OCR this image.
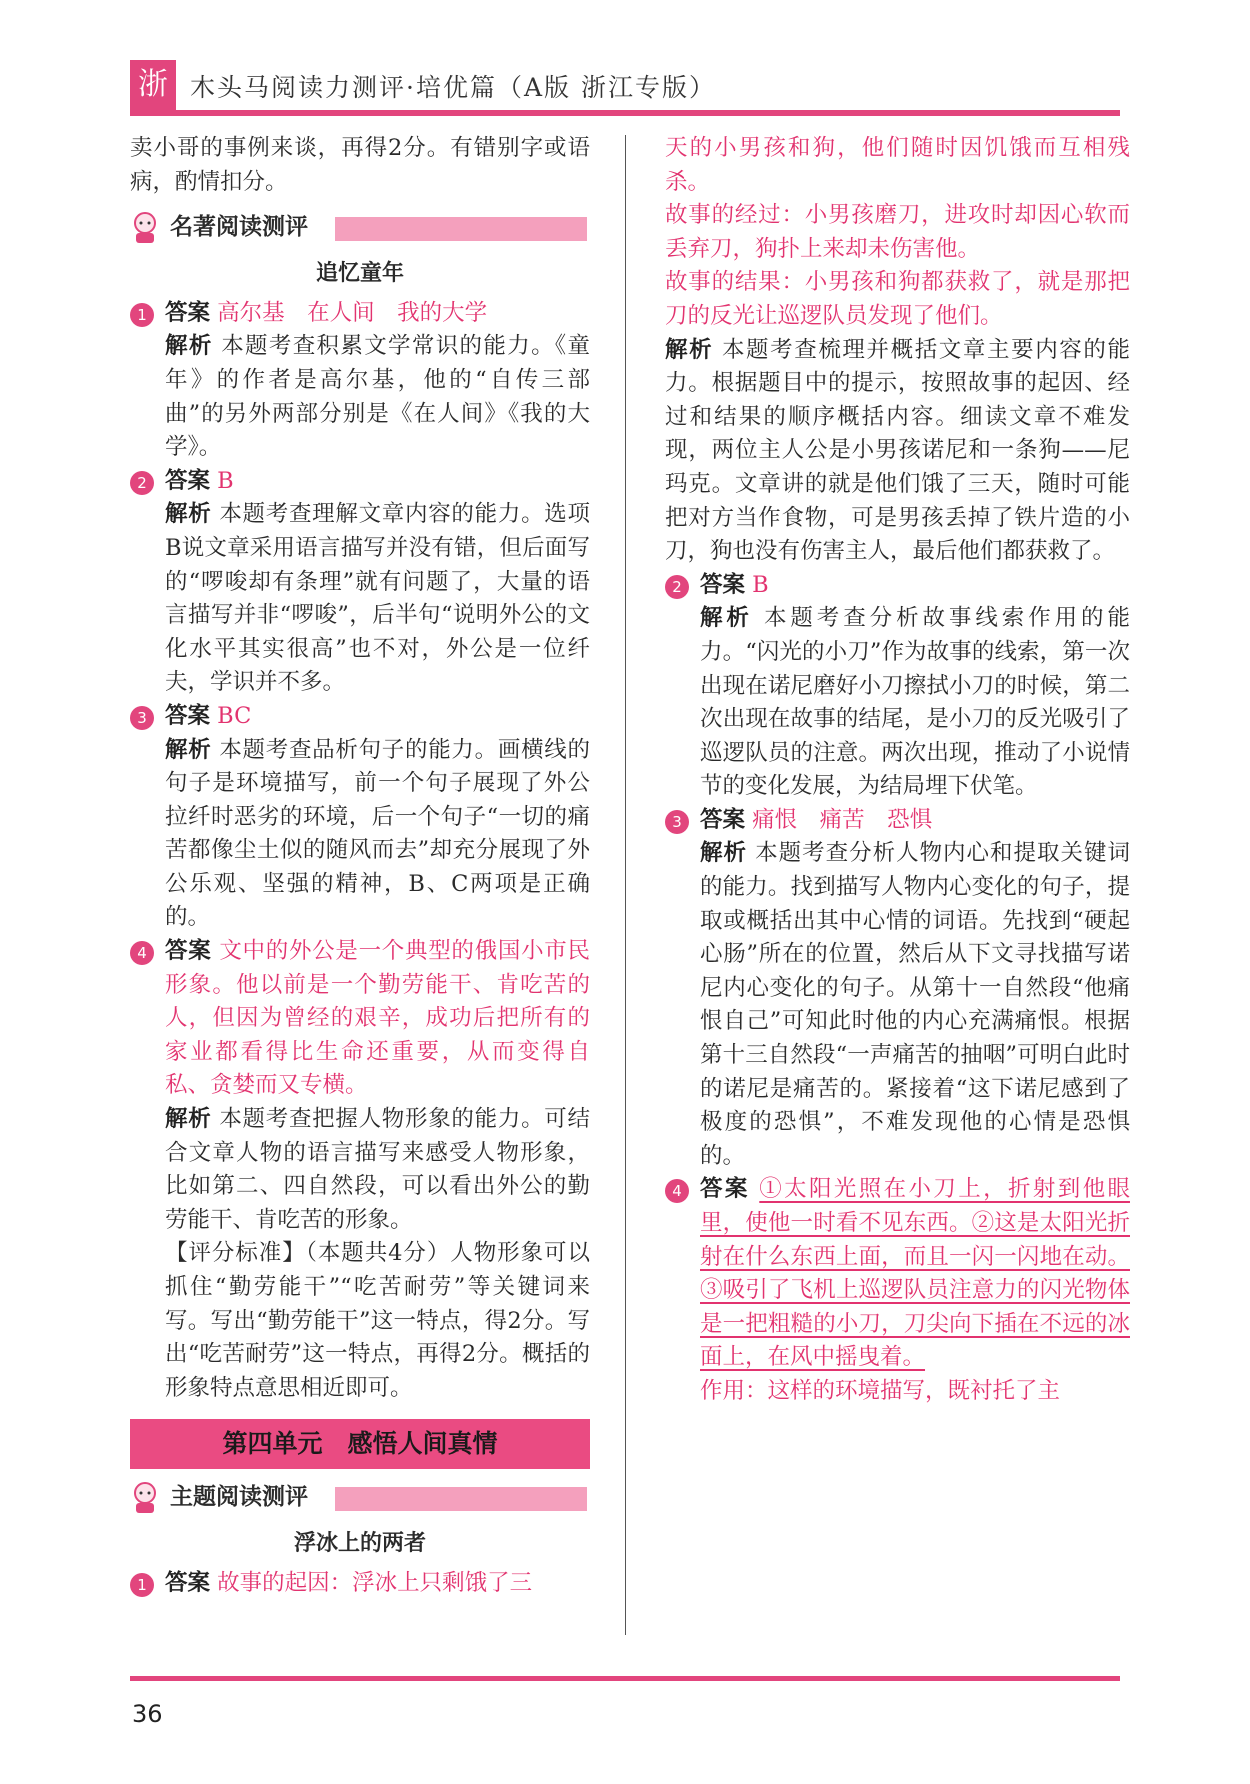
浙 木头马阅读力测评·培优篇（A版 浙江专版）
卖小哥的事例来谈，再得2分。有错别字或语病，酌情扣分。
名著阅读测评
追忆童年
1 答案 高尔基　在人间　我的大学
解析 本题考查积累文学常识的能力。《童年》的作者是高尔基，他的“自传三部曲”的另外两部分别是《在人间》《我的大学》。
2 答案 B
解析 本题考查理解文章内容的能力。选项B说文章采用语言描写并没有错，但后面写的“啰唆却有条理”就有问题了，大量的语言描写并非“啰唆”，后半句“说明外公的文化水平其实很高”也不对，外公是一位纤夫，学识并不多。
3 答案 BC
解析 本题考查品析句子的能力。画横线的句子是环境描写，前一个句子展现了外公拉纤时恶劣的环境，后一个句子“一切的痛苦都像尘土似的随风而去”却充分展现了外公乐观、坚强的精神，B、C两项是正确的。
4 答案 文中的外公是一个典型的俄国小市民形象。他以前是一个勤劳能干、肯吃苦的人，但因为曾经的艰辛，成功后把所有的家业都看得比生命还重要，从而变得自私、贪婪而又专横。
解析 本题考查把握人物形象的能力。可结合文章人物的语言描写来感受人物形象，比如第二、四自然段，可以看出外公的勤劳能干、肯吃苦的形象。
【评分标准】（本题共4分）人物形象可以抓住“勤劳能干”“吃苦耐劳”等关键词来写。写出“勤劳能干”这一特点，得2分。写出“吃苦耐劳”这一特点，再得2分。概括的形象特点意思相近即可。
第四单元　感悟人间真情
主题阅读测评
浮冰上的两者
1 答案 故事的起因：浮冰上只剩饿了三
天的小男孩和狗，他们随时因饥饿而互相残杀。
故事的经过：小男孩磨刀，进攻时却因心软而丢弃刀，狗扑上来却未伤害他。
故事的结果：小男孩和狗都获救了，就是那把刀的反光让巡逻队员发现了他们。
解析 本题考查梳理并概括文章主要内容的能力。根据题目中的提示，按照故事的起因、经过和结果的顺序概括内容。细读文章不难发现，两位主人公是小男孩诺尼和一条狗——尼玛克。文章讲的就是他们饿了三天，随时可能把对方当作食物，可是男孩丢掉了铁片造的小刀，狗也没有伤害主人，最后他们都获救了。
2 答案 B
解析 本题考查分析故事线索作用的能力。“闪光的小刀”作为故事的线索，第一次出现在诺尼磨好小刀擦拭小刀的时候，第二次出现在故事的结尾，是小刀的反光吸引了巡逻队员的注意。两次出现，推动了小说情节的变化发展，为结局埋下伏笔。
3 答案 痛恨　痛苦　恐惧
解析 本题考查分析人物内心和提取关键词的能力。找到描写人物内心变化的句子，提取或概括出其中心情的词语。先找到“硬起心肠”所在的位置，然后从下文寻找描写诺尼内心变化的句子。从第十一自然段“他痛恨自己”可知此时他的内心充满痛恨。根据第十三自然段“一声痛苦的抽咽”可明白此时的诺尼是痛苦的。紧接着“这下诺尼感到了极度的恐惧”，不难发现他的心情是恐惧的。
4 答案 ①太阳光照在小刀上，折射到他眼里，使他一时看不见东西。②这是太阳光折射在什么东西上面，而且一闪一闪地在动。③吸引了飞机上巡逻队员注意力的闪光物体是一把粗糙的小刀，刀尖向下插在不远的冰面上，在风中摇曳着。
作用：这样的环境描写，既衬托了主
36
